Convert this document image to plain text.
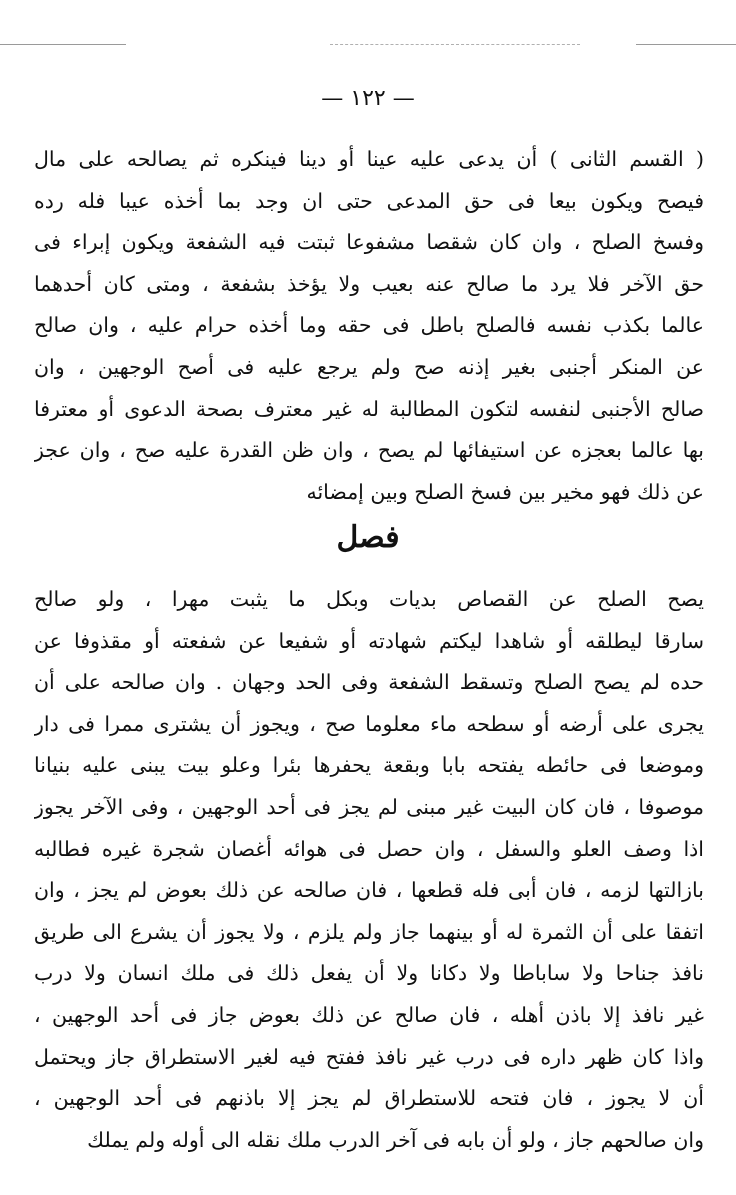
— ١٢٢ —
( القسم الثانى ) أن يدعى عليه عينا أو دينا فينكره ثم يصالحه على مال
فيصح ويكون بيعا فى حق المدعى حتى ان وجد بما أخذه عيبا فله رده
وفسخ الصلح ، وان كان شقصا مشفوعا ثبتت فيه الشفعة ويكون إبراء فى
حق الآخر فلا يرد ما صالح عنه بعيب ولا يؤخذ بشفعة ، ومتى كان أحدهما
عالما بكذب نفسه فالصلح باطل فى حقه وما أخذه حرام عليه ، وان صالح
عن المنكر أجنبى بغير إذنه صح ولم يرجع عليه فى أصح الوجهين ، وان
صالح الأجنبى لنفسه لتكون المطالبة له غير معترف بصحة الدعوى أو معترفا
بها عالما بعجزه عن استيفائها لم يصح ، وان ظن القدرة عليه صح ، وان عجز
عن ذلك فهو مخير بين فسخ الصلح وبين إمضائه
فصل
يصح الصلح عن القصاص بديات وبكل ما يثبت مهرا ، ولو صالح
سارقا ليطلقه أو شاهدا ليكتم شهادته أو شفيعا عن شفعته أو مقذوفا عن
حده لم يصح الصلح وتسقط الشفعة وفى الحد وجهان . وان صالحه على أن
يجرى على أرضه أو سطحه ماء معلوما صح ، ويجوز أن يشترى ممرا فى دار
وموضعا فى حائطه يفتحه بابا وبقعة يحفرها بئرا وعلو بيت يبنى عليه بنيانا
موصوفا ، فان كان البيت غير مبنى لم يجز فى أحد الوجهين ، وفى الآخر يجوز
اذا وصف العلو والسفل ، وان حصل فى هوائه أغصان شجرة غيره فطالبه
بازالتها لزمه ، فان أبى فله قطعها ، فان صالحه عن ذلك بعوض لم يجز ، وان
اتفقا على أن الثمرة له أو بينهما جاز ولم يلزم ، ولا يجوز أن يشرع الى طريق
نافذ جناحا ولا ساباطا ولا دكانا ولا أن يفعل ذلك فى ملك انسان ولا درب
غير نافذ إلا باذن أهله ، فان صالح عن ذلك بعوض جاز فى أحد الوجهين ،
واذا كان ظهر داره فى درب غير نافذ ففتح فيه لغير الاستطراق جاز ويحتمل
أن لا يجوز ، فان فتحه للاستطراق لم يجز إلا باذنهم فى أحد الوجهين ،
وان صالحهم جاز ، ولو أن بابه فى آخر الدرب ملك نقله الى أوله ولم يملك
